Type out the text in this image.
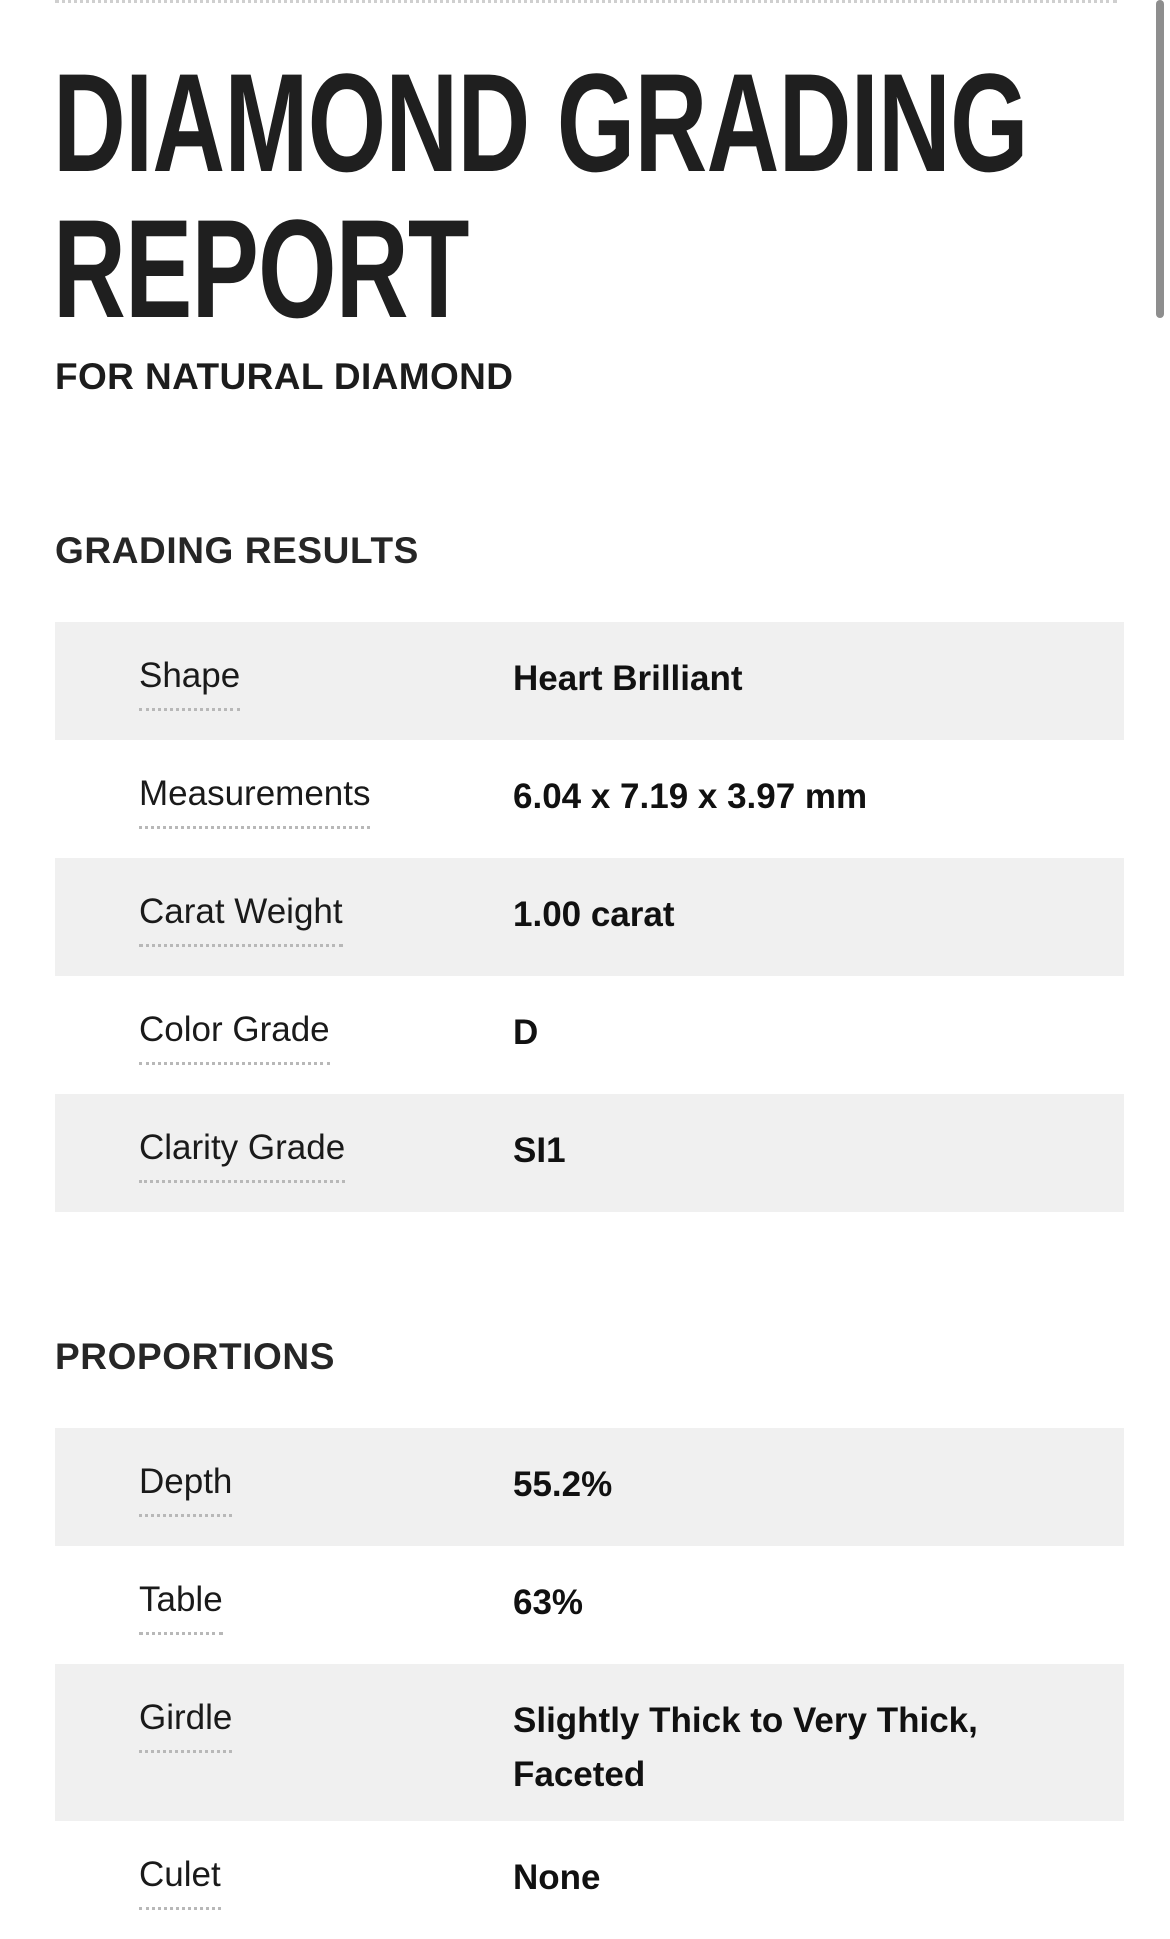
DIAMOND GRADING
REPORT
FOR NATURAL DIAMOND
GRADING RESULTS
Shape	Heart Brilliant
Measurements	6.04 x 7.19 x 3.97 mm
Carat Weight	1.00 carat
Color Grade	D
Clarity Grade	SI1
PROPORTIONS
Depth	55.2%
Table	63%
Girdle	Slightly Thick to Very Thick, Faceted
Culet	None
